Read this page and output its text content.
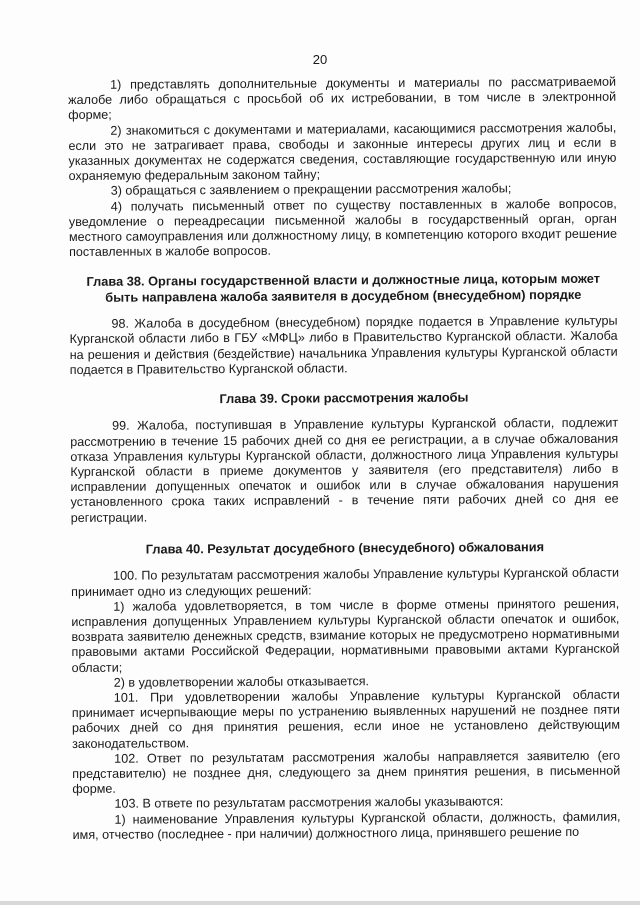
20

1) представлять дополнительные документы и материалы по рассматриваемой жалобе либо обращаться с просьбой об их истребовании, в том числе в электронной форме;

2) знакомиться с документами и материалами, касающимися рассмотрения жалобы, если это не затрагивает права, свободы и законные интересы других лиц и если в указанных документах не содержатся сведения, составляющие государственную или иную охраняемую федеральным законом тайну;

3) обращаться с заявлением о прекращении рассмотрения жалобы;

4) получать письменный ответ по существу поставленных в жалобе вопросов, уведомление о переадресации письменной жалобы в государственный орган, орган местного самоуправления или должностному лицу, в компетенцию которого входит решение поставленных в жалобе вопросов.

Глава 38. Органы государственной власти и должностные лица, которым может быть направлена жалоба заявителя в досудебном (внесудебном) порядке

98. Жалоба в досудебном (внесудебном) порядке подается в Управление культуры Курганской области либо в ГБУ «МФЦ» либо в Правительство Курганской области. Жалоба на решения и действия (бездействие) начальника Управления культуры Курганской области подается в Правительство Курганской области.

Глава 39. Сроки рассмотрения жалобы

99. Жалоба, поступившая в Управление культуры Курганской области, подлежит рассмотрению в течение 15 рабочих дней со дня ее регистрации, а в случае обжалования отказа Управления культуры Курганской области, должностного лица Управления культуры Курганской области в приеме документов у заявителя (его представителя) либо в исправлении допущенных опечаток и ошибок или в случае обжалования нарушения установленного срока таких исправлений - в течение пяти рабочих дней со дня ее регистрации.

Глава 40. Результат досудебного (внесудебного) обжалования

100. По результатам рассмотрения жалобы Управление культуры Курганской области принимает одно из следующих решений:

1) жалоба удовлетворяется, в том числе в форме отмены принятого решения, исправления допущенных Управлением культуры Курганской области опечаток и ошибок, возврата заявителю денежных средств, взимание которых не предусмотрено нормативными правовыми актами Российской Федерации, нормативными правовыми актами Курганской области;

2) в удовлетворении жалобы отказывается.

101. При удовлетворении жалобы Управление культуры Курганской области принимает исчерпывающие меры по устранению выявленных нарушений не позднее пяти рабочих дней со дня принятия решения, если иное не установлено действующим законодательством.

102. Ответ по результатам рассмотрения жалобы направляется заявителю (его представителю) не позднее дня, следующего за днем принятия решения, в письменной форме.

103. В ответе по результатам рассмотрения жалобы указываются:

1) наименование Управления культуры Курганской области, должность, фамилия, имя, отчество (последнее - при наличии) должностного лица, принявшего решение по
